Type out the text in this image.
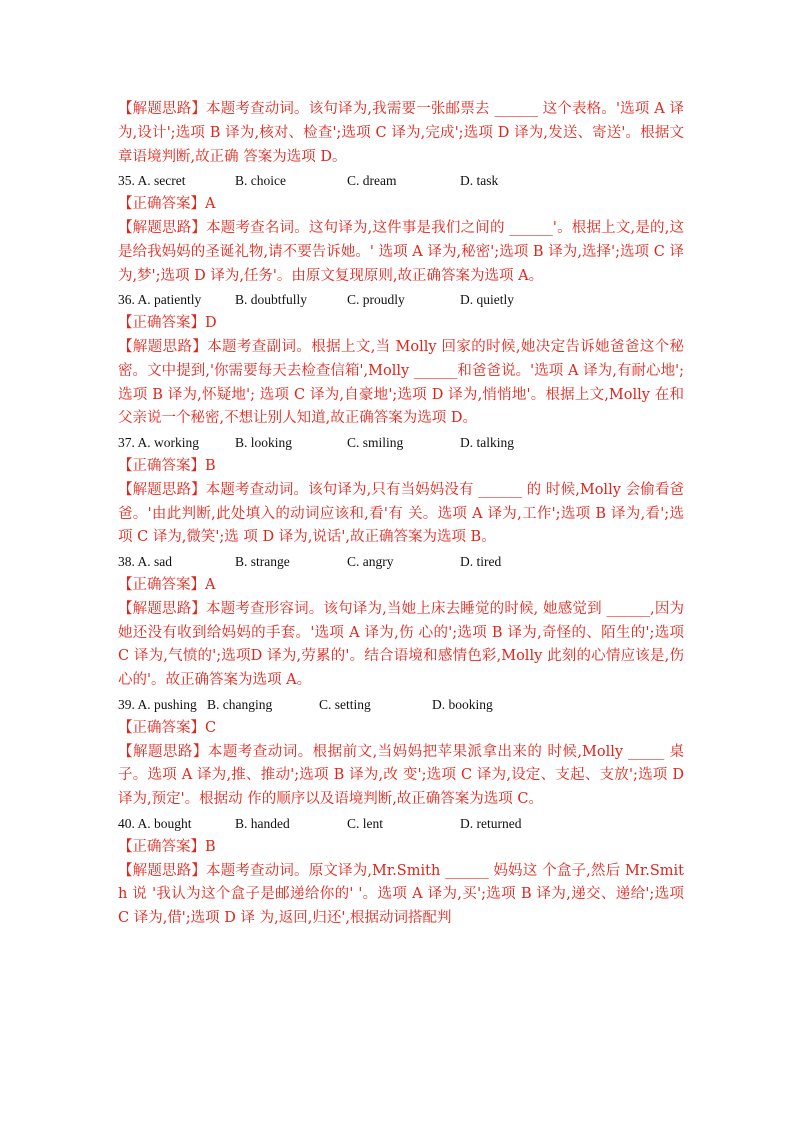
【解题思路】本题考查动词。该句译为,我需要一张邮票去 ______ 这个表格。'选项 A 译为,设计';选项 B 译为,核对、检查';选项 C 译为,完成';选项 D 译为,发送、寄送'。根据文章语境判断,故正确 答案为选项 D。

35. A. secret	B. choice	C. dream	D. task

【正确答案】A

【解题思路】本题考查名词。这句译为,这件事是我们之间的 ______'。根据上文,是的,这是给我妈妈的圣诞礼物,请不要告诉她。' 选项 A 译为,秘密';选项 B 译为,选择';选项 C 译为,梦';选项 D 译为,任务'。由原文复现原则,故正确答案为选项 A。

36. A. patiently	B. doubtfully	C. proudly	D. quietly

【正确答案】D

【解题思路】本题考查副词。根据上文,当 Molly 回家的时候,她决定告诉她爸爸这个秘密。文中提到,'你需要每天去检查信箱',Molly ______和爸爸说。'选项 A 译为,有耐心地';选项 B 译为,怀疑地'; 选项 C 译为,自豪地';选项 D 译为,悄悄地'。根据上文,Molly 在和 父亲说一个秘密,不想让别人知道,故正确答案为选项 D。

37. A. working	B. looking	C. smiling	D. talking

【正确答案】B

【解题思路】本题考查动词。该句译为,只有当妈妈没有 ______ 的 时候,Molly 会偷看爸爸。'由此判断,此处填入的动词应该和,看'有 关。选项 A 译为,工作';选项 B 译为,看';选项 C 译为,微笑';选 项 D 译为,说话',故正确答案为选项 B。

38. A. sad	B. strange	C. angry	D. tired

【正确答案】A

【解题思路】本题考查形容词。该句译为,当她上床去睡觉的时候, 她感觉到 ______,因为她还没有收到给妈妈的手套。'选项 A 译为,伤 心的';选项 B 译为,奇怪的、陌生的';选项 C 译为,气愤的';选项D 译为,劳累的'。结合语境和感情色彩,Molly 此刻的心情应该是,伤 心的'。故正确答案为选项 A。

39. A. pushing B. changing	C. setting	D. booking

【正确答案】C

【解题思路】本题考查动词。根据前文,当妈妈把苹果派拿出来的 时候,Molly _____ 桌子。选项 A 译为,推、推动';选项 B 译为,改 变';选项 C 译为,设定、支起、支放';选项 D 译为,预定'。根据动 作的顺序以及语境判断,故正确答案为选项 C。

40. A. bought	B. handed	C. lent	D. returned

【正确答案】B

【解题思路】本题考查动词。原文译为,Mr.Smith ______ 妈妈这 个盒子,然后 Mr.Smith 说 '我认为这个盒子是邮递给你的' '。选项 A 译为,买';选项 B 译为,递交、递给';选项 C 译为,借';选项 D 译 为,返回,归还',根据动词搭配判
